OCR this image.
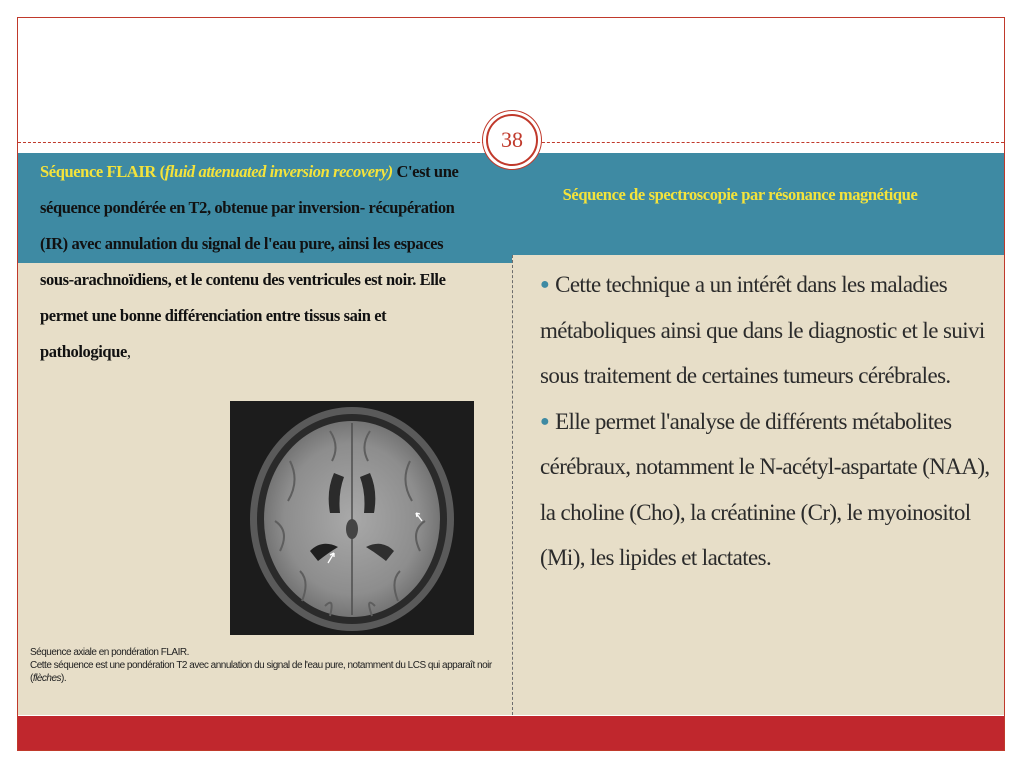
38
Séquence FLAIR (fluid attenuated inversion recovery) C'est une séquence pondérée en T2, obtenue par inversion- récupération (IR) avec annulation du signal de l'eau pure, ainsi les espaces sous-arachnoïdiens, et le contenu des ventricules est noir. Elle permet une bonne différenciation entre tissus sain et pathologique,
Séquence de spectroscopie par résonance magnétique
Séquence axiale en pondération FLAIR.
Cette séquence est une pondération T2 avec annulation du signal de l'eau pure, notamment du LCS qui apparaît noir (flèches).
● Cette technique a un intérêt dans les maladies métaboliques ainsi que dans le diagnostic et le suivi sous traitement de certaines tumeurs cérébrales.
● Elle permet l'analyse de différents métabolites cérébraux, notamment le N-acétyl-aspartate (NAA), la choline (Cho), la créatinine (Cr), le myoinositol (Mi), les lipides et lactates.
